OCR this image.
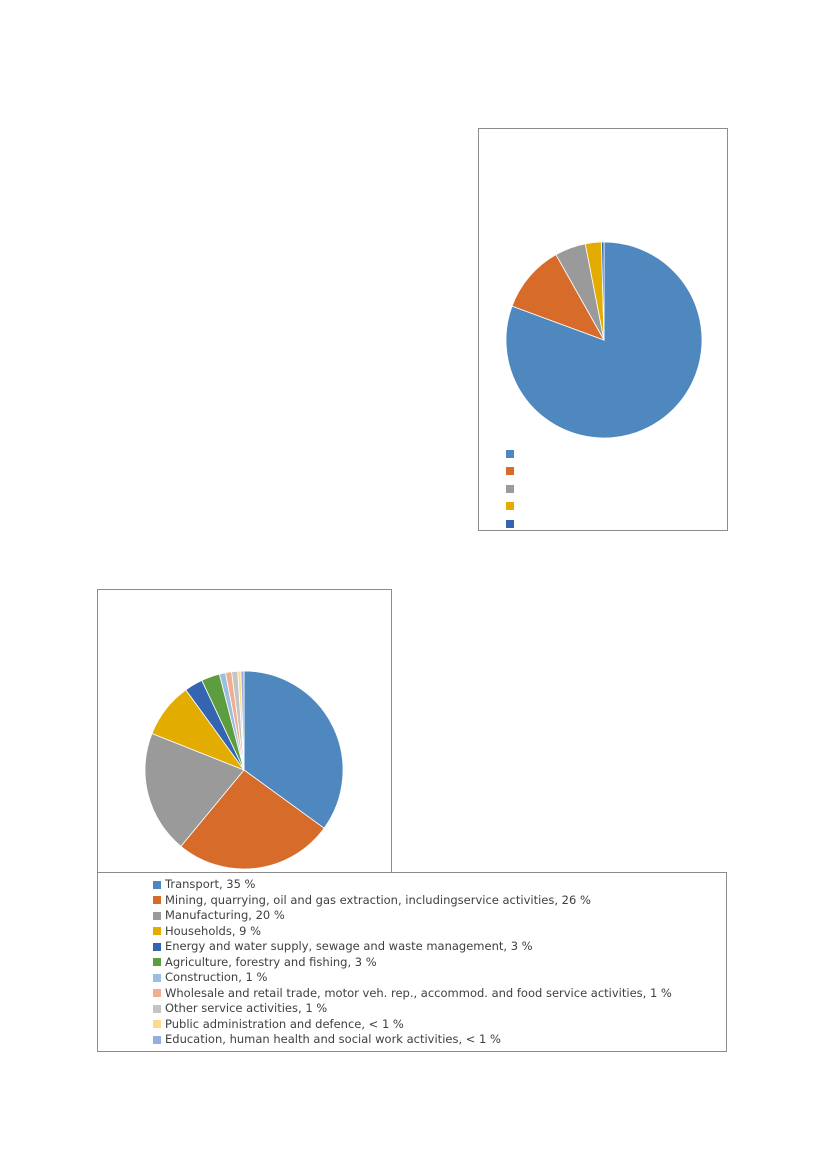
Transport, 35 %
Mining, quarrying, oil and gas extraction, includingservice activities, 26 %
Manufacturing, 20 %
Households, 9 %
Energy and water supply, sewage and waste management, 3 %
Agriculture, forestry and fishing, 3 %
Construction, 1 %
Wholesale and retail trade, motor veh. rep., accommod. and food service activities, 1 %
Other service activities, 1 %
Public administration and defence, < 1 %
Education, human health and social work activities, < 1 %
